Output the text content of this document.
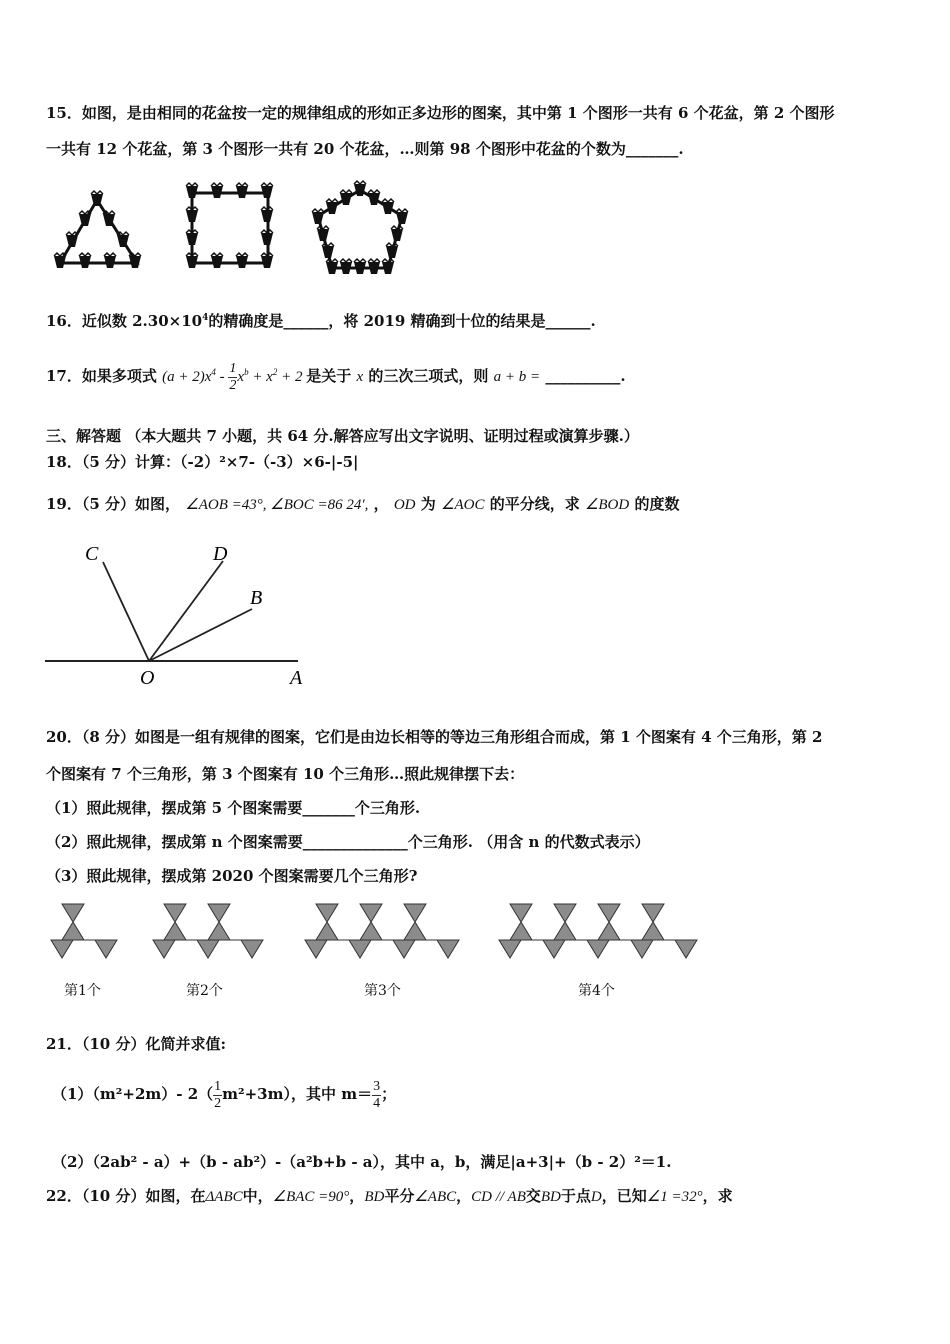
15．如图，是由相同的花盆按一定的规律组成的形如正多边形的图案，其中第 1 个图形一共有 6 个花盆，第 2 个图形
一共有 12 个花盆，第 3 个图形一共有 20 个花盆，…则第 98 个图形中花盆的个数为_______.
16．近似数 $2.30\times 10^4$的精确度是______，将 2019 精确到十位的结果是______.
17．如果多项式 $(a + 2)x^4 - \frac{1}{2} x^b + x^2 + 2$ 是关于 x 的三次三项式，则 a + b = __________.
三、解答题 （本大题共 7 小题，共 64 分.解答应写出文字说明、证明过程或演算步骤.）
18．（5 分）计算：（-2）²×7-（-3）×6-|-5|
19．（5 分）如图， ∠AOB =43°, ∠BOC =86 24′, ， OD 为 ∠AOC 的平分线，求 ∠BOD 的度数
C	D
B
O	A
20．（8 分）如图是一组有规律的图案，它们是由边长相等的等边三角形组合而成，第 1 个图案有 4 个三角形，第 2
个图案有 7 个三角形，第 3 个图案有 10 个三角形…照此规律摆下去：
（1）照此规律，摆成第 5 个图案需要_______个三角形.
（2）照此规律，摆成第 n 个图案需要______________个三角形. （用含 n 的代数式表示）
（3）照此规律，摆成第 2020 个图案需要几个三角形?
第1个	第2个	第3个	第4个
21．（10 分）化简并求值:
（1）（m²+2m）- $2( \frac{1}{2} m^2+3m)$，其中 $m= \frac{3}{4}$ ；
（2）（2ab² - a）+（b - ab²）-（a²b+b - a），其中 a，b，满足|a+3|+（b - 2）²＝1.
22．（10 分）如图，在ΔABC中，∠BAC =90°，BD平分∠ABC，CD // AB交BD于点D，已知∠1 =32°，求
